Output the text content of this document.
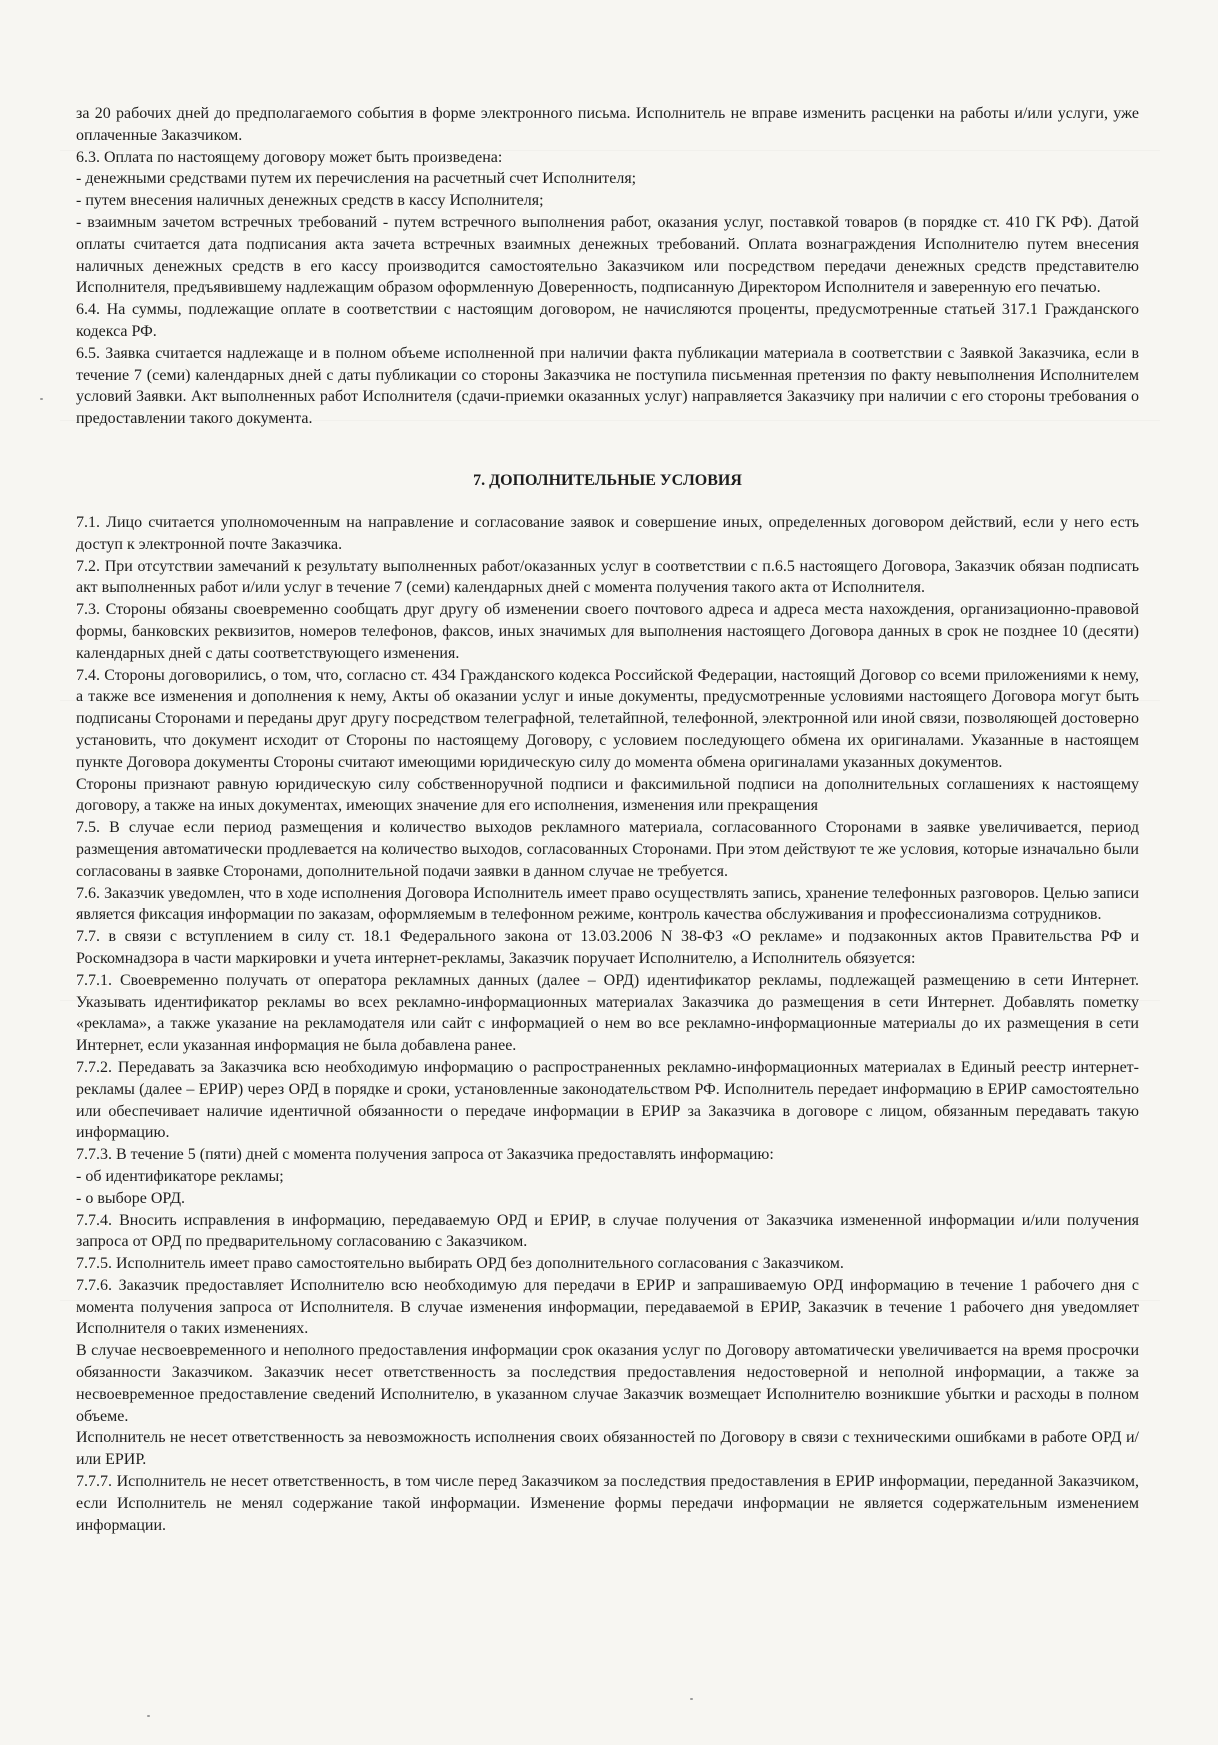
за 20 рабочих дней до предполагаемого события в форме электронного письма. Исполнитель не вправе изменить расценки на работы и/или услуги, уже оплаченные Заказчиком.

6.3. Оплата по настоящему договору может быть произведена:

- денежными средствами путем их перечисления на расчетный счет Исполнителя;

- путем внесения наличных денежных средств в кассу Исполнителя;

- взаимным зачетом встречных требований - путем встречного выполнения работ, оказания услуг, поставкой товаров (в порядке ст. 410 ГК РФ). Датой оплаты считается дата подписания акта зачета встречных взаимных денежных требований. Оплата вознаграждения Исполнителю путем внесения наличных денежных средств в его кассу производится самостоятельно Заказчиком или посредством передачи денежных средств представителю Исполнителя, предъявившему надлежащим образом оформленную Доверенность, подписанную Директором Исполнителя и заверенную его печатью.

6.4. На суммы, подлежащие оплате в соответствии с настоящим договором, не начисляются проценты, предусмотренные статьей 317.1 Гражданского кодекса РФ.

6.5. Заявка считается надлежаще и в полном объеме исполненной при наличии факта публикации материала в соответствии с Заявкой Заказчика, если в течение 7 (семи) календарных дней с даты публикации со стороны Заказчика не поступила письменная претензия по факту невыполнения Исполнителем условий Заявки. Акт выполненных работ Исполнителя (сдачи-приемки оказанных услуг) направляется Заказчику при наличии с его стороны требования о предоставлении такого документа.

7. ДОПОЛНИТЕЛЬНЫЕ УСЛОВИЯ

7.1. Лицо считается уполномоченным на направление и согласование заявок и совершение иных, определенных договором действий, если у него есть доступ к электронной почте Заказчика.

7.2. При отсутствии замечаний к результату выполненных работ/оказанных услуг в соответствии с п.6.5 настоящего Договора, Заказчик обязан подписать акт выполненных работ и/или услуг в течение 7 (семи) календарных дней с момента получения такого акта от Исполнителя.

7.3. Стороны обязаны своевременно сообщать друг другу об изменении своего почтового адреса и адреса места нахождения, организационно-правовой формы, банковских реквизитов, номеров телефонов, факсов, иных значимых для выполнения настоящего Договора данных в срок не позднее 10 (десяти) календарных дней с даты соответствующего изменения.

7.4. Стороны договорились, о том, что, согласно ст. 434 Гражданского кодекса Российской Федерации, настоящий Договор со всеми приложениями к нему, а также все изменения и дополнения к нему, Акты об оказании услуг и иные документы, предусмотренные условиями настоящего Договора могут быть подписаны Сторонами и переданы друг другу посредством телеграфной, телетайпной, телефонной, электронной или иной связи, позволяющей достоверно установить, что документ исходит от Стороны по настоящему Договору, с условием последующего обмена их оригиналами. Указанные в настоящем пункте Договора документы Стороны считают имеющими юридическую силу до момента обмена оригиналами указанных документов.

Стороны признают равную юридическую силу собственноручной подписи и факсимильной подписи на дополнительных соглашениях к настоящему договору, а также на иных документах, имеющих значение для его исполнения, изменения или прекращения

7.5. В случае если период размещения и количество выходов рекламного материала, согласованного Сторонами в заявке увеличивается, период размещения автоматически продлевается на количество выходов, согласованных Сторонами. При этом действуют те же условия, которые изначально были согласованы в заявке Сторонами, дополнительной подачи заявки в данном случае не требуется.

7.6. Заказчик уведомлен, что в ходе исполнения Договора Исполнитель имеет право осуществлять запись, хранение телефонных разговоров. Целью записи является фиксация информации по заказам, оформляемым в телефонном режиме, контроль качества обслуживания и профессионализма сотрудников.

7.7. в связи с вступлением в силу ст. 18.1 Федерального закона от 13.03.2006 N 38-ФЗ «О рекламе» и подзаконных актов Правительства РФ и Роскомнадзора в части маркировки и учета интернет-рекламы, Заказчик поручает Исполнителю, а Исполнитель обязуется:

7.7.1. Своевременно получать от оператора рекламных данных (далее – ОРД) идентификатор рекламы, подлежащей размещению в сети Интернет. Указывать идентификатор рекламы во всех рекламно-информационных материалах Заказчика до размещения в сети Интернет. Добавлять пометку «реклама», а также указание на рекламодателя или сайт с информацией о нем во все рекламно-информационные материалы до их размещения в сети Интернет, если указанная информация не была добавлена ранее.

7.7.2. Передавать за Заказчика всю необходимую информацию о распространенных рекламно-информационных материалах в Единый реестр интернет-рекламы (далее – ЕРИР) через ОРД в порядке и сроки, установленные законодательством РФ. Исполнитель передает информацию в ЕРИР самостоятельно или обеспечивает наличие идентичной обязанности о передаче информации в ЕРИР за Заказчика в договоре с лицом, обязанным передавать такую информацию.

7.7.3. В течение 5 (пяти) дней с момента получения запроса от Заказчика предоставлять информацию:

- об идентификаторе рекламы;

- о выборе ОРД.

7.7.4. Вносить исправления в информацию, передаваемую ОРД и ЕРИР, в случае получения от Заказчика измененной информации и/или получения запроса от ОРД по предварительному согласованию с Заказчиком.

7.7.5. Исполнитель имеет право самостоятельно выбирать ОРД без дополнительного согласования с Заказчиком.

7.7.6. Заказчик предоставляет Исполнителю всю необходимую для передачи в ЕРИР и запрашиваемую ОРД информацию в течение 1 рабочего дня с момента получения запроса от Исполнителя. В случае изменения информации, передаваемой в ЕРИР, Заказчик в течение 1 рабочего дня уведомляет Исполнителя о таких изменениях.

В случае несвоевременного и неполного предоставления информации срок оказания услуг по Договору автоматически увеличивается на время просрочки обязанности Заказчиком. Заказчик несет ответственность за последствия предоставления недостоверной и неполной информации, а также за несвоевременное предоставление сведений Исполнителю, в указанном случае Заказчик возмещает Исполнителю возникшие убытки и расходы в полном объеме.

Исполнитель не несет ответственность за невозможность исполнения своих обязанностей по Договору в связи с техническими ошибками в работе ОРД и/или ЕРИР.

7.7.7. Исполнитель не несет ответственность, в том числе перед Заказчиком за последствия предоставления в ЕРИР информации, переданной Заказчиком, если Исполнитель не менял содержание такой информации. Изменение формы передачи информации не является содержательным изменением информации.
